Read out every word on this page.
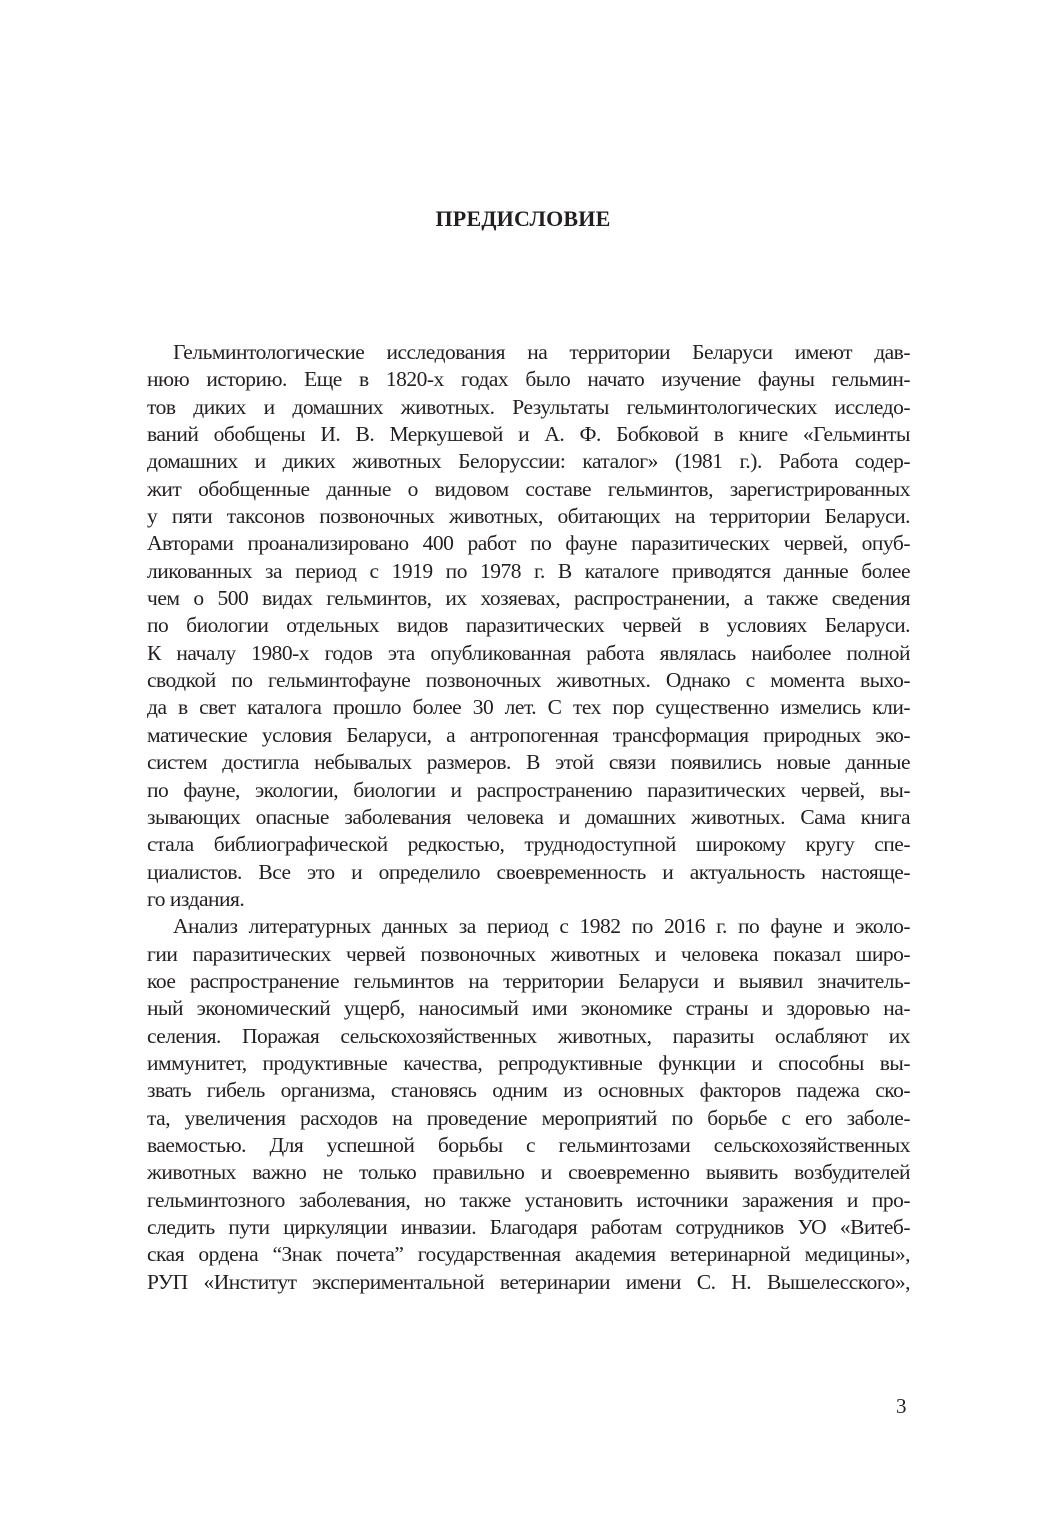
ПРЕДИСЛОВИЕ
Гельминтологические исследования на территории Беларуси имеют дав-
нюю историю. Еще в 1820-х годах было начато изучение фауны гельмин-
тов диких и домашних животных. Результаты гельминтологических исследо-
ваний обобщены И. В. Меркушевой и А. Ф. Бобковой в книге «Гельминты
домашних и диких животных Белоруссии: каталог» (1981 г.). Работа содер-
жит обобщенные данные о видовом составе гельминтов, зарегистрированных
у пяти таксонов позвоночных животных, обитающих на территории Беларуси.
Авторами проанализировано 400 работ по фауне паразитических червей, опуб-
ликованных за период с 1919 по 1978 г. В каталоге приводятся данные более
чем о 500 видах гельминтов, их хозяевах, распространении, а также сведения
по биологии отдельных видов паразитических червей в условиях Беларуси.
К началу 1980-х годов эта опубликованная работа являлась наиболее полной
сводкой по гельминтофауне позвоночных животных. Однако с момента выхо-
да в свет каталога прошло более 30 лет. С тех пор существенно измелись кли-
матические условия Беларуси, а антропогенная трансформация природных эко-
систем достигла небывалых размеров. В этой связи появились новые данные
по фауне, экологии, биологии и распространению паразитических червей, вы-
зывающих опасные заболевания человека и домашних животных. Сама книга
стала библиографической редкостью, труднодоступной широкому кругу спе-
циалистов. Все это и определило своевременность и актуальность настояще-
го издания.
Анализ литературных данных за период с 1982 по 2016 г. по фауне и эколо-
гии паразитических червей позвоночных животных и человека показал широ-
кое распространение гельминтов на территории Беларуси и выявил значитель-
ный экономический ущерб, наносимый ими экономике страны и здоровью на-
селения. Поражая сельскохозяйственных животных, паразиты ослабляют их
иммунитет, продуктивные качества, репродуктивные функции и способны вы-
звать гибель организма, становясь одним из основных факторов падежа ско-
та, увеличения расходов на проведение мероприятий по борьбе с его заболе-
ваемостью. Для успешной борьбы с гельминтозами сельскохозяйственных
животных важно не только правильно и своевременно выявить возбудителей
гельминтозного заболевания, но также установить источники заражения и про-
следить пути циркуляции инвазии. Благодаря работам сотрудников УО «Витеб-
ская ордена “Знак почета” государственная академия ветеринарной медицины»,
РУП «Институт экспериментальной ветеринарии имени С. Н. Вышелесского»,
3
